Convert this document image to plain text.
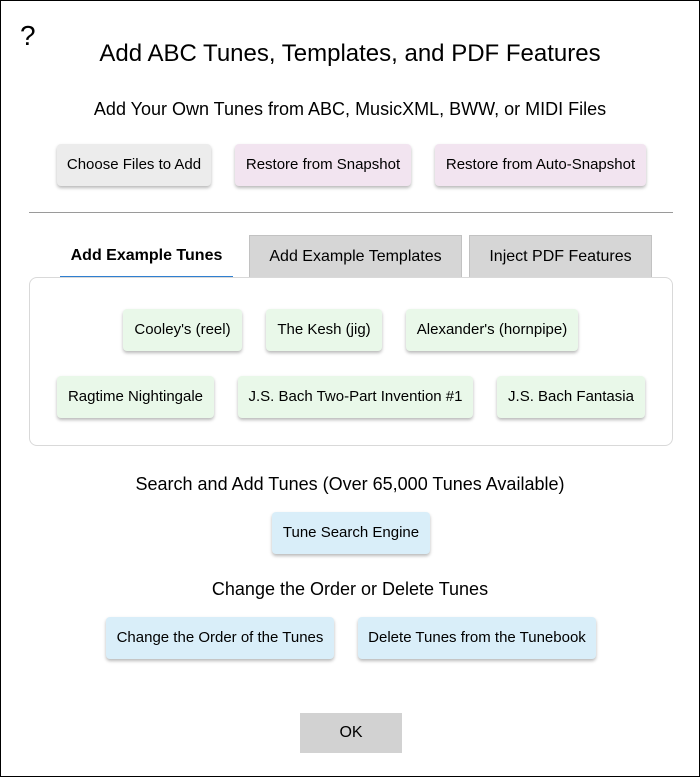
?
Add ABC Tunes, Templates, and PDF Features
Add Your Own Tunes from ABC, MusicXML, BWW, or MIDI Files
Choose Files to Add	Restore from Snapshot	Restore from Auto-Snapshot
Add Example Tunes	Add Example Templates	Inject PDF Features
Cooley's (reel)	The Kesh (jig)	Alexander's (hornpipe)
Ragtime Nightingale	J.S. Bach Two-Part Invention #1	J.S. Bach Fantasia
Search and Add Tunes (Over 65,000 Tunes Available)
Tune Search Engine
Change the Order or Delete Tunes
Change the Order of the Tunes	Delete Tunes from the Tunebook
OK
